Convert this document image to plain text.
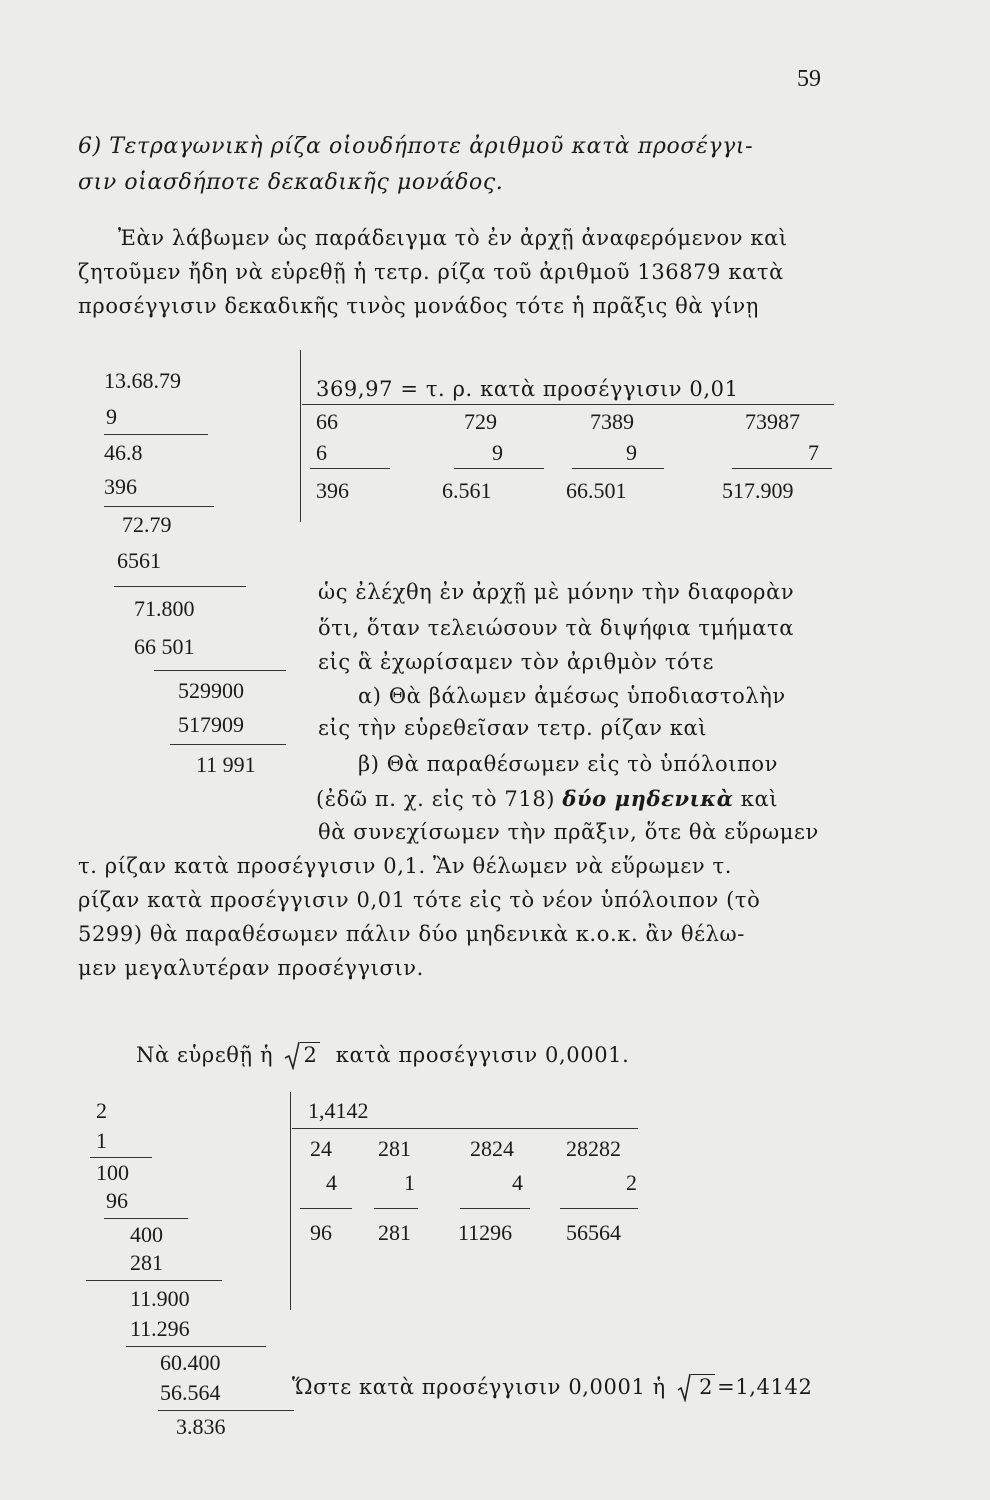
59
6) Τετραγωνικὴ ρίζα οἱουδήποτε ἀριθμοῦ κατὰ προσέγγι-
σιν οἱασδήποτε δεκαδικῆς μονάδος.
Ἐὰν λάβωμεν ὡς παράδειγμα τὸ ἐν ἀρχῇ ἀναφερόμενον καὶ
ζητοῦμεν ἤδη νὰ εὑρεθῇ ἡ τετρ. ρίζα τοῦ ἀριθμοῦ 136879 κατὰ
προσέγγισιν δεκαδικῆς τινὸς μονάδος τότε ἡ πρᾶξις θὰ γίνῃ
13.68.79
9
46.8
396
72.79
6561
71.800
66 501
529900
517909
11 991
369,97 = τ. ρ. κατὰ προσέγγισιν 0,01
66	729	7389	73987
6	9	9	7
396	6.561	66.501	517.909
ὡς ἐλέχθη ἐν ἀρχῇ μὲ μόνην τὴν διαφορὰν
ὅτι, ὅταν τελειώσουν τὰ διψήφια τμήματα
εἰς ἃ ἐχωρίσαμεν τὸν ἀριθμὸν τότε
α) Θὰ βάλωμεν ἀμέσως ὑποδιαστολὴν
εἰς τὴν εὑρεθεῖσαν τετρ. ρίζαν καὶ
β) Θὰ παραθέσωμεν εἰς τὸ ὑπόλοιπον
(ἐδῶ π. χ. εἰς τὸ 718) δύο μηδενικὰ καὶ
θὰ συνεχίσωμεν τὴν πρᾶξιν, ὅτε θὰ εὕρωμεν
τ. ρίζαν κατὰ προσέγγισιν 0,1. Ἂν θέλωμεν νὰ εὕρωμεν τ.
ρίζαν κατὰ προσέγγισιν 0,01 τότε εἰς τὸ νέον ὑπόλοιπον (τὸ
5299) θὰ παραθέσωμεν πάλιν δύο μηδενικὰ κ.ο.κ. ἂν θέλω-
μεν μεγαλυτέραν προσέγγισιν.
Νὰ εὑρεθῇ ἡ 2 κατὰ προσέγγισιν 0,0001.
2
1
100
96
400
281
11.900
11.296
60.400
56.564
3.836
1,4142
24 281	2824 28282
4	1	4	2
96 281 11296 56564
Ὥστε κατὰ προσέγγισιν 0,0001 ἡ 2 =1,4142
